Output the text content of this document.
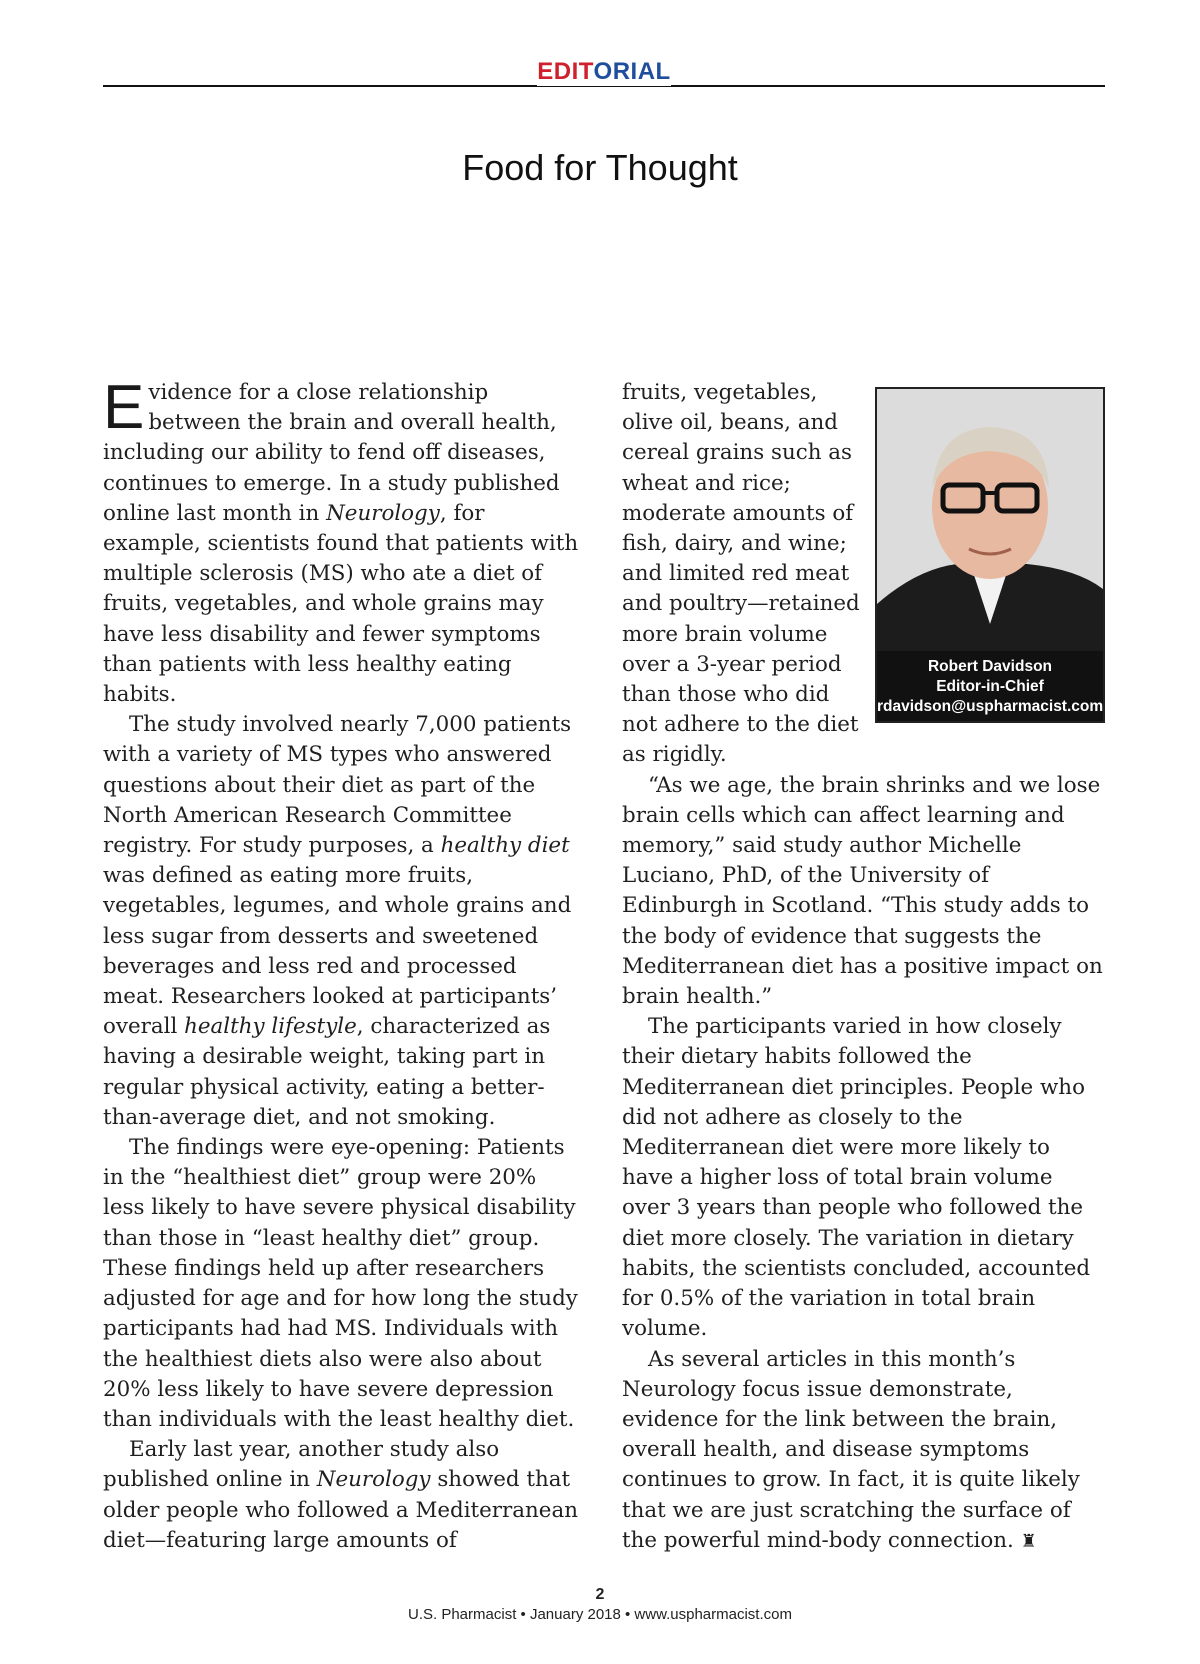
EDITORIAL
Food for Thought

Evidence for a close relationship between the brain and overall health, including our ability to fend off diseases, continues to emerge. In a study published online last month in Neurology, for example, scientists found that patients with multiple sclerosis (MS) who ate a diet of fruits, vegetables, and whole grains may have less disability and fewer symptoms than patients with less healthy eating habits.

The study involved nearly 7,000 patients with a variety of MS types who answered questions about their diet as part of the North American Research Committee registry. For study purposes, a healthy diet was defined as eating more fruits, vegetables, legumes, and whole grains and less sugar from desserts and sweetened beverages and less red and processed meat. Researchers looked at participants’ overall healthy lifestyle, characterized as having a desirable weight, taking part in regular physical activity, eating a better-than-average diet, and not smoking.

The findings were eye-opening: Patients in the “healthiest diet” group were 20% less likely to have severe physical disability than those in “least healthy diet” group. These findings held up after researchers adjusted for age and for how long the study participants had had MS. Individuals with the healthiest diets also were also about 20% less likely to have severe depression than individuals with the least healthy diet.

Early last year, another study also published online in Neurology showed that older people who followed a Mediterranean diet—featuring large amounts of

Robert Davidson
Editor-in-Chief
rdavidson@uspharmacist.com
fruits, vegetables, olive oil, beans, and cereal grains such as wheat and rice; moderate amounts of fish, dairy, and wine; and limited red meat and poultry—retained more brain volume over a 3-year period than those who did not adhere to the diet as rigidly.

“As we age, the brain shrinks and we lose brain cells which can affect learning and memory,” said study author Michelle Luciano, PhD, of the University of Edinburgh in Scotland. “This study adds to the body of evidence that suggests the Mediterranean diet has a positive impact on brain health.”

The participants varied in how closely their dietary habits followed the Mediterranean diet principles. People who did not adhere as closely to the Mediterranean diet were more likely to have a higher loss of total brain volume over 3 years than people who followed the diet more closely. The variation in dietary habits, the scientists concluded, accounted for 0.5% of the variation in total brain volume.

As several articles in this month’s Neurology focus issue demonstrate, evidence for the link between the brain, overall health, and disease symptoms continues to grow. In fact, it is quite likely that we are just scratching the surface of the powerful mind-body connection. ♜

2
U.S. Pharmacist • January 2018 • www.uspharmacist.com
